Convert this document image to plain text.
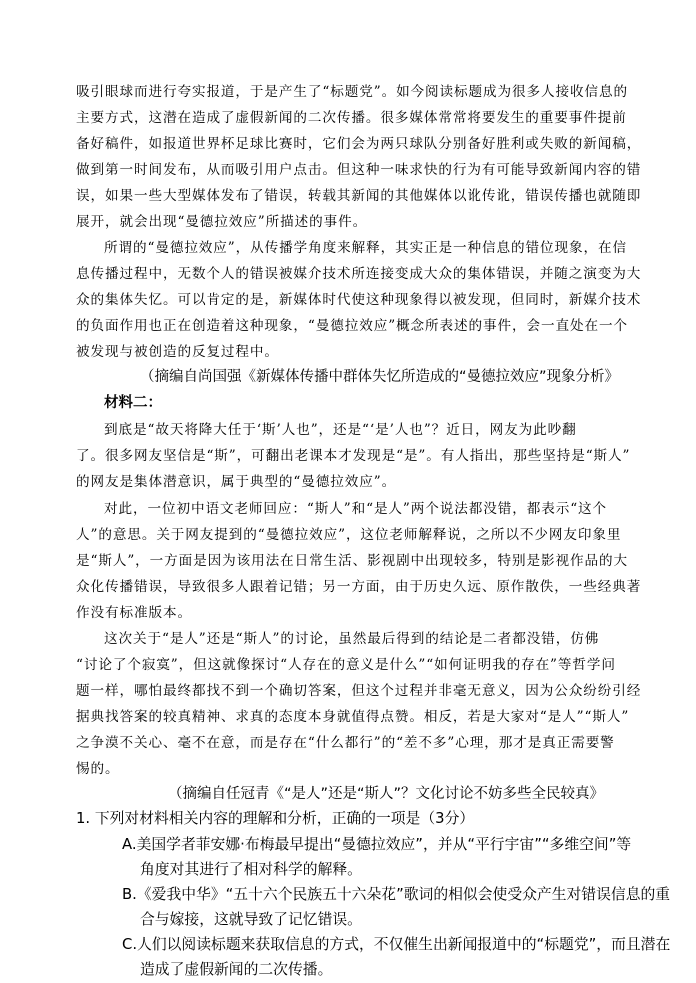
吸引眼球而进行夸实报道，于是产生了“标题党”。如今阅读标题成为很多人接收信息的

主要方式，这潜在造成了虚假新闻的二次传播。很多媒体常常将要发生的重要事件提前

备好稿件，如报道世界杯足球比赛时，它们会为两只球队分别备好胜利或失败的新闻稿，

做到第一时间发布，从而吸引用户点击。但这种一味求快的行为有可能导致新闻内容的错

误，如果一些大型媒体发布了错误，转载其新闻的其他媒体以讹传讹，错误传播也就随即

展开，就会出现“曼德拉效应”所描述的事件。

所谓的“曼德拉效应”，从传播学角度来解释，其实正是一种信息的错位现象，在信

息传播过程中，无数个人的错误被媒介技术所连接变成大众的集体错误，并随之演变为大

众的集体失忆。可以肯定的是，新媒体时代使这种现象得以被发现，但同时，新媒介技术

的负面作用也正在创造着这种现象，“曼德拉效应”概念所表述的事件，会一直处在一个

被发现与被创造的反复过程中。

（摘编自尚国强《新媒体传播中群体失忆所造成的“曼德拉效应”现象分析》

材料二：

到底是“故天将降大任于‘斯’人也”，还是“‘是’人也”？近日，网友为此吵翻

了。很多网友坚信是“斯”，可翻出老课本才发现是“是”。有人指出，那些坚持是“斯人”

的网友是集体潜意识，属于典型的“曼德拉效应”。

对此，一位初中语文老师回应：“斯人”和“是人”两个说法都没错，都表示“这个

人”的意思。关于网友提到的“曼德拉效应”，这位老师解释说，之所以不少网友印象里

是“斯人”，一方面是因为该用法在日常生活、影视剧中出现较多，特别是影视作品的大

众化传播错误，导致很多人跟着记错；另一方面，由于历史久远、原作散佚，一些经典著

作没有标准版本。

这次关于“是人”还是“斯人”的讨论，虽然最后得到的结论是二者都没错，仿佛

“讨论了个寂寞”，但这就像探讨“人存在的意义是什么”“如何证明我的存在”等哲学问

题一样，哪怕最终都找不到一个确切答案，但这个过程并非毫无意义，因为公众纷纷引经

据典找答案的较真精神、求真的态度本身就值得点赞。相反，若是大家对“是人”“斯人”

之争漠不关心、毫不在意，而是存在“什么都行”的“差不多”心理，那才是真正需要警

惕的。

（摘编自任冠青《“是人”还是“斯人”？文化讨论不妨多些全民较真》

1. 下列对材料相关内容的理解和分析，正确的一项是（3分）

A.美国学者菲安娜·布梅最早提出“曼德拉效应”，并从“平行宇宙”“多维空间”等

角度对其进行了相对科学的解释。

B.《爱我中华》“五十六个民族五十六朵花”歌词的相似会使受众产生对错误信息的重

合与嫁接，这就导致了记忆错误。

C.人们以阅读标题来获取信息的方式，不仅催生出新闻报道中的“标题党”，而且潜在

造成了虚假新闻的二次传播。
